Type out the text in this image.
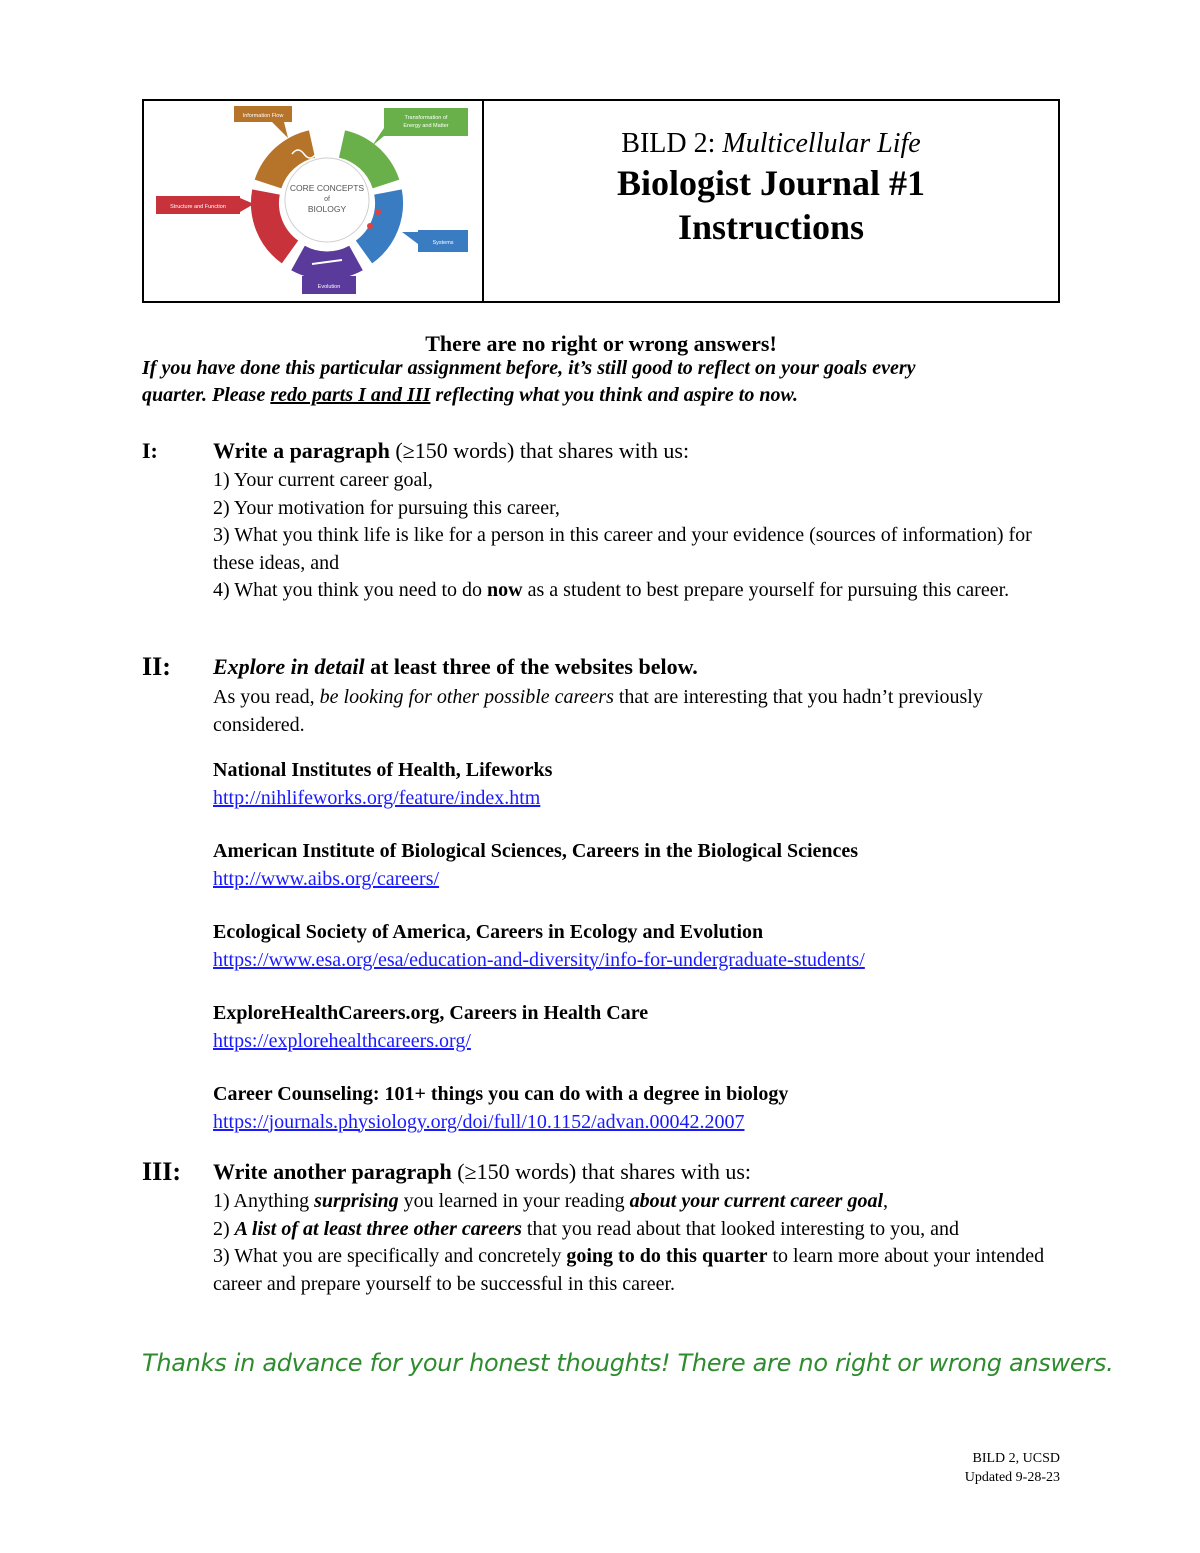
CORE CONCEPTS
of
BIOLOGY
Information Flow	Transformation of
Energy and Matter
Structure and Function
Systems
Evolution
BILD 2: Multicellular Life
Biologist Journal #1
Instructions
There are no right or wrong answers!
If you have done this particular assignment before, it’s still good to reflect on your goals every
quarter. Please redo parts I and III reflecting what you think and aspire to now.
I:	Write a paragraph (≥150 words) that shares with us:

1) Your current career goal,

2) Your motivation for pursuing this career,

3) What you think life is like for a person in this career and your evidence (sources of information) for these ideas, and

4) What you think you need to do now as a student to best prepare yourself for pursuing this career.

II: Explore in detail at least three of the websites below.
As you read, be looking for other possible careers that are interesting that you hadn’t previously considered.
National Institutes of Health, Lifeworks
http://nihlifeworks.org/feature/index.htm
American Institute of Biological Sciences, Careers in the Biological Sciences
http://www.aibs.org/careers/
Ecological Society of America, Careers in Ecology and Evolution
https://www.esa.org/esa/education-and-diversity/info-for-undergraduate-students/
ExploreHealthCareers.org, Careers in Health Care
https://explorehealthcareers.org/
Career Counseling: 101+ things you can do with a degree in biology
https://journals.physiology.org/doi/full/10.1152/advan.00042.2007
III: Write another paragraph (≥150 words) that shares with us:

1) Anything surprising you learned in your reading about your current career goal,

2) A list of at least three other careers that you read about that looked interesting to you, and

3) What you are specifically and concretely going to do this quarter to learn more about your intended career and prepare yourself to be successful in this career.

Thanks in advance for your honest thoughts! There are no right or wrong answers.
BILD 2, UCSD
Updated 9-28-23
